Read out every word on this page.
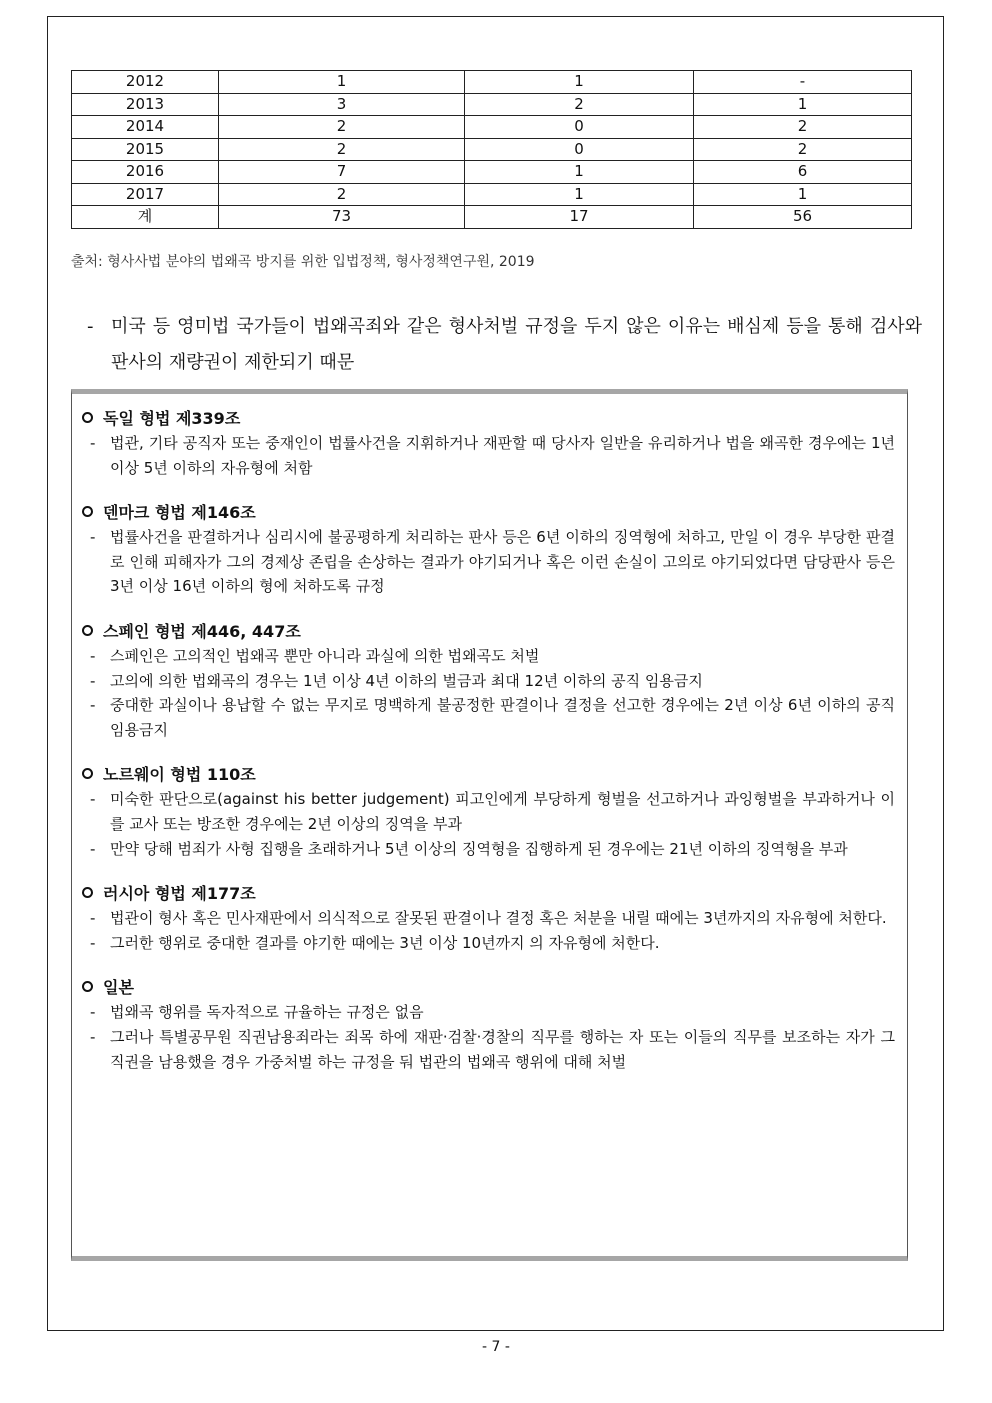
2012	1	1	-
2013	3	2	1
2014	2	0	2
2015	2	0	2
2016	7	1	6
2017	2	1	1
계	73	17	56
출처: 형사사법 분야의 법왜곡 방지를 위한 입법정책, 형사정책연구원, 2019
- 미국 등 영미법 국가들이 법왜곡죄와 같은 형사처벌 규정을 두지 않은 이유는 배심제 등을 통해 검사와 판사의 재량권이 제한되기 때문
독일 형법 제339조
- 법관, 기타 공직자 또는 중재인이 법률사건을 지휘하거나 재판할 때 당사자 일반을 유리하거나 법을 왜곡한 경우에는 1년 이상 5년 이하의 자유형에 처함
덴마크 형법 제146조
- 법률사건을 판결하거나 심리시에 불공평하게 처리하는 판사 등은 6년 이하의 징역형에 처하고, 만일 이 경우 부당한 판결로 인해 피해자가 그의 경제상 존립을 손상하는 결과가 야기되거나 혹은 이런 손실이 고의로 야기되었다면 담당판사 등은 3년 이상 16년 이하의 형에 처하도록 규정
스페인 형법 제446, 447조
- 스페인은 고의적인 법왜곡 뿐만 아니라 과실에 의한 법왜곡도 처벌
- 고의에 의한 법왜곡의 경우는 1년 이상 4년 이하의 벌금과 최대 12년 이하의 공직 임용금지
- 중대한 과실이나 용납할 수 없는 무지로 명백하게 불공정한 판결이나 결정을 선고한 경우에는 2년 이상 6년 이하의 공직임용금지
노르웨이 형법 110조
- 미숙한 판단으로(against his better judgement) 피고인에게 부당하게 형벌을 선고하거나 과잉형벌을 부과하거나 이를 교사 또는 방조한 경우에는 2년 이상의 징역을 부과
- 만약 당해 범죄가 사형 집행을 초래하거나 5년 이상의 징역형을 집행하게 된 경우에는 21년 이하의 징역형을 부과
러시아 형법 제177조
- 법관이 형사 혹은 민사재판에서 의식적으로 잘못된 판결이나 결정 혹은 처분을 내릴 때에는 3년까지의 자유형에 처한다.
- 그러한 행위로 중대한 결과를 야기한 때에는 3년 이상 10년까지 의 자유형에 처한다.
일본
- 법왜곡 행위를 독자적으로 규율하는 규정은 없음
- 그러나 특별공무원 직권남용죄라는 죄목 하에 재판·검찰·경찰의 직무를 행하는 자 또는 이들의 직무를 보조하는 자가 그 직권을 남용했을 경우 가중처벌 하는 규정을 둬 법관의 법왜곡 행위에 대해 처벌
- 7 -
